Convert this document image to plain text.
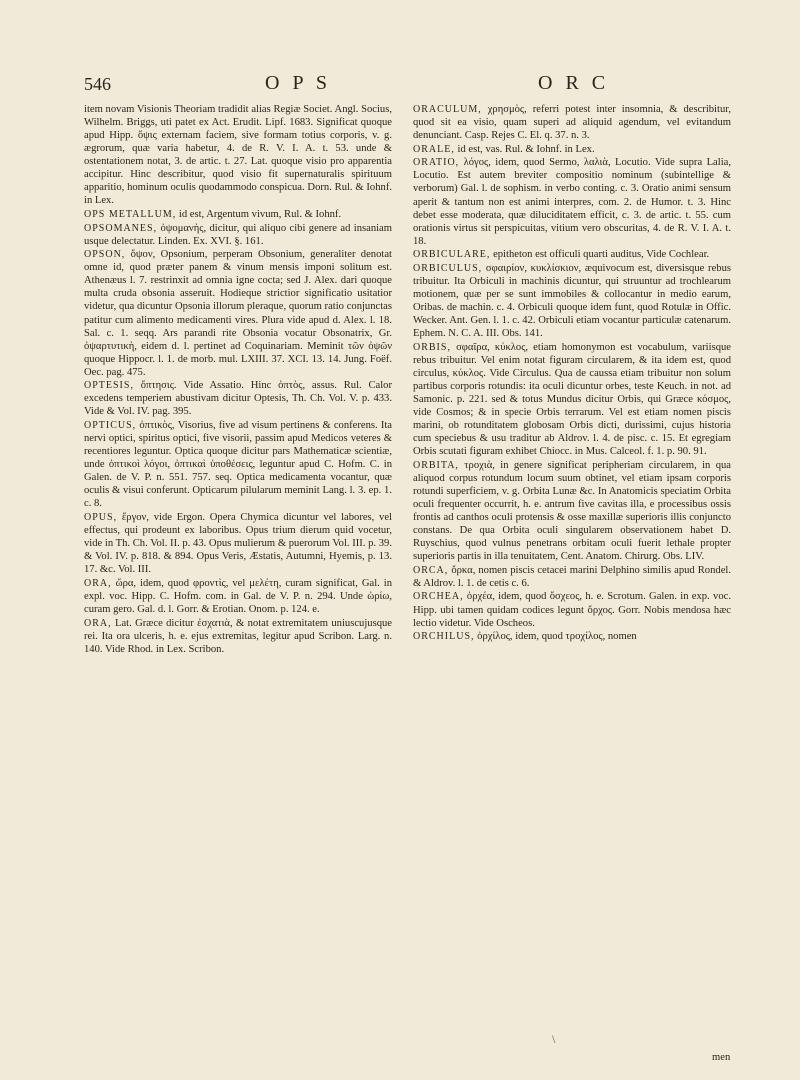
546	O P S	O R C

item novam Visionis Theoriam tradidit alias Regiæ Societ. Angl. Socius, Wilhelm. Briggs, uti patet ex Act. Erudit. Lipf. 1683. Significat quoque apud Hipp. ὄψις externam faciem, sive formam totius corporis, v. g. ægrorum, quæ varia habetur, 4. de R. V. I. A. t. 53. unde & ostentationem notat, 3. de artic. t. 27. Lat. quoque visio pro apparentia accipitur. Hinc describitur, quod visio fit supernaturalis spirituum apparitio, hominum oculis quodammodo conspicua. Dorn. Rul. & Iohnf. in Lex.

OPS METALLUM, id est, Argentum vivum, Rul. & Iohnf.

OPSOMANES, ὀψομανὴς, dicitur, qui aliquo cibi genere ad insaniam usque delectatur. Linden. Ex. XVI. §. 161.

OPSON, ὄψον, Opsonium, perperam Obsonium, generaliter denotat omne id, quod præter panem & vinum mensis imponi solitum est. Athenæus l. 7. restrinxit ad omnia igne cocta; sed J. Alex. dari quoque multa cruda obsonia asseruit. Hodieque strictior significatio usitatior videtur, qua dicuntur Opsonia illorum pleraque, quorum ratio conjunctas patitur cum alimento medicamenti vires. Plura vide apud d. Alex. l. 18. Sal. c. 1. seqq. Ars parandi rite Obsonia vocatur Obsonatrix, Gr. ὀψαρτυτικὴ, eidem d. l. pertinet ad Coquinariam. Meminit τῶν ὀψῶν quoque Hippocr. l. 1. de morb. mul. LXIII. 37. XCI. 13. 14. Jung. Foëf. Oec. pag. 475.

OPTESIS, ὄπτησις. Vide Assatio. Hinc ὀπτὸς, assus. Rul. Calor excedens temperiem abustivam dicitur Optesis, Th. Ch. Vol. V. p. 433. Vide & Vol. IV. pag. 395.

OPTICUS, ὀπτικὸς, Visorius, five ad visum pertinens & conferens. Ita nervi optici, spiritus optici, five visorii, passim apud Medicos veteres & recentiores leguntur. Optica quoque dicitur pars Mathematicæ scientiæ, unde ὀπτικοὶ λόγοι, ὀπτικαὶ ὑποθέσεις, leguntur apud C. Hofm. C. in Galen. de V. P. n. 551. 757. seq. Optica medicamenta vocantur, quæ oculis & visui conferunt. Opticarum pilularum meminit Lang. l. 3. ep. 1. c. 8.

OPUS, ἔργον, vide Ergon. Opera Chymica dicuntur vel labores, vel effectus, qui prodeunt ex laboribus. Opus trium dierum quid vocetur, vide in Th. Ch. Vol. II. p. 43. Opus mulierum & puerorum Vol. III. p. 39. & Vol. IV. p. 818. & 894. Opus Veris, Æstatis, Autumni, Hyemis, p. 13. 17. &c. Vol. III.

ORA, ὤρα, idem, quod φροντὶς, vel μελέτη, curam significat, Gal. in expl. voc. Hipp. C. Hofm. com. in Gal. de V. P. n. 294. Unde ὠρίω, curam gero. Gal. d. l. Gorr. & Erotian. Onom. p. 124. e.

ORA, Lat. Græce dicitur ἐσχατιὰ, & notat extremitatem uniuscujusque rei. Ita ora ulceris, h. e. ejus extremitas, legitur apud Scribon. Larg. n. 140. Vide Rhod. in Lex. Scribon.

ORACULUM, χρησμὸς, referri potest inter insomnia, & describitur, quod sit ea visio, quam superi ad aliquid agendum, vel evitandum denunciant. Casp. Rejes C. El. q. 37. n. 3.

ORALE, id est, vas. Rul. & Iohnf. in Lex.

ORATIO, λόγος, idem, quod Sermo, λαλιὰ, Locutio. Vide supra Lalia, Locutio. Est autem breviter compositio nominum (subintellige & verborum) Gal. l. de sophism. in verbo conting. c. 3. Oratio animi sensum aperit & tantum non est animi interpres, com. 2. de Humor. t. 3. Hinc debet esse moderata, quæ diluciditatem efficit, c. 3. de artic. t. 55. cum orationis virtus sit perspicuitas, vitium vero obscuritas, 4. de R. V. I. A. t. 18.

ORBICULARE, epitheton est officuli quarti auditus, Vide Cochlear.

ORBICULUS, σφαιρίον, κυκλίσκιον, æquivocum est, diversisque rebus tribuitur. Ita Orbiculi in machinis dicuntur, qui struuntur ad trochlearum motionem, quæ per se sunt immobiles & collocantur in medio earum, Oribas. de machin. c. 4. Orbiculi quoque idem funt, quod Rotulæ in Offic. Wecker. Ant. Gen. l. 1. c. 42. Orbiculi etiam vocantur particulæ catenarum. Ephem. N. C. A. III. Obs. 141.

ORBIS, σφαῖρα, κύκλος, etiam homonymon est vocabulum, variisque rebus tribuitur. Vel enim notat figuram circularem, & ita idem est, quod circulus, κύκλος. Vide Circulus. Qua de caussa etiam tribuitur non solum partibus corporis rotundis: ita oculi dicuntur orbes, teste Keuch. in not. ad Samonic. p. 221. sed & totus Mundus dicitur Orbis, qui Græce κόσμος, vide Cosmos; & in specie Orbis terrarum. Vel est etiam nomen piscis marini, ob rotunditatem globosam Orbis dicti, durissimi, cujus historia cum speciebus & usu traditur ab Aldrov. l. 4. de pisc. c. 15. Et egregiam Orbis scutati figuram exhibet Chiocc. in Mus. Calceol. f. 1. p. 90. 91.

ORBITA, τροχιὰ, in genere significat peripheriam circularem, in qua aliquod corpus rotundum locum suum obtinet, vel etiam ipsam corporis rotundi superficiem, v. g. Orbita Lunæ &c. In Anatomicis speciatim Orbita oculi frequenter occurrit, h. e. antrum five cavitas illa, e processibus ossis frontis ad canthos oculi protensis & osse maxillæ superioris illis conjuncto constans. De qua Orbita oculi singularem observationem habet D. Ruyschius, quod vulnus penetrans orbitam oculi fuerit lethale propter superioris partis in illa tenuitatem, Cent. Anatom. Chirurg. Obs. LIV.

ORCA, ὄρκα, nomen piscis cetacei marini Delphino similis apud Rondel. & Aldrov. l. 1. de cetis c. 6.

ORCHEA, ὀρχέα, idem, quod ὄσχεος, h. e. Scrotum. Galen. in exp. voc. Hipp. ubi tamen quidam codices legunt ὄρχος. Gorr. Nobis mendosa hæc lectio videtur. Vide Oscheos.

ORCHILUS, ὀρχίλος, idem, quod τροχίλος, nomen

\
men
